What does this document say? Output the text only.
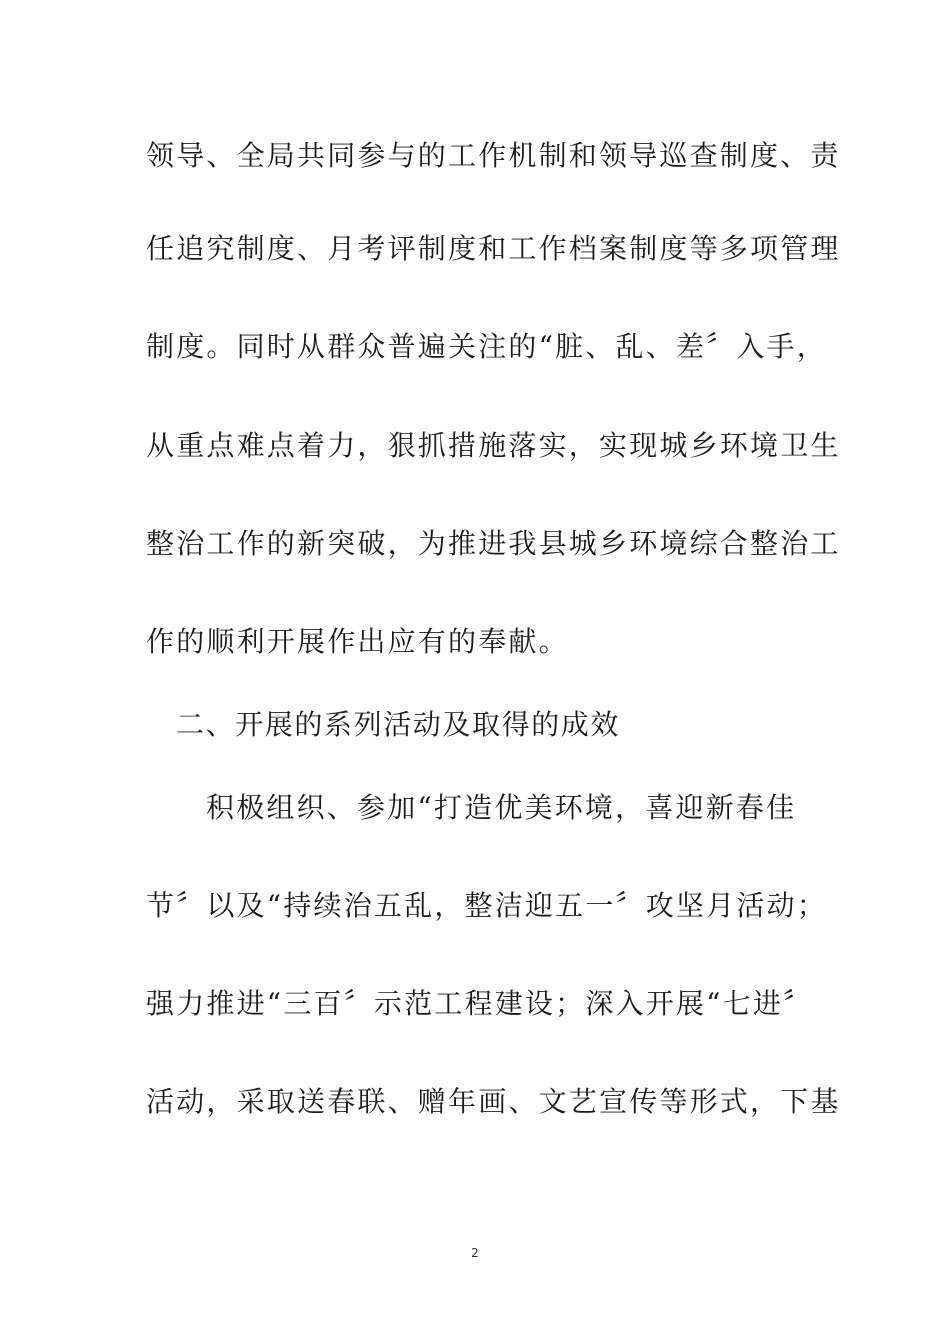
领导、全局共同参与的工作机制和领导巡查制度、责
任追究制度、月考评制度和工作档案制度等多项管理
制度。同时从群众普遍关注的“脏、乱、差〞入手，
从重点难点着力，狠抓措施落实，实现城乡环境卫生
整治工作的新突破，为推进我县城乡环境综合整治工
作的顺利开展作出应有的奉献。
二、开展的系列活动及取得的成效
积极组织、参加“打造优美环境，喜迎新春佳
节〞以及“持续治五乱，整洁迎五一〞攻坚月活动；
强力推进“三百〞示范工程建设；深入开展“七进〞
活动，采取送春联、赠年画、文艺宣传等形式，下基
2
